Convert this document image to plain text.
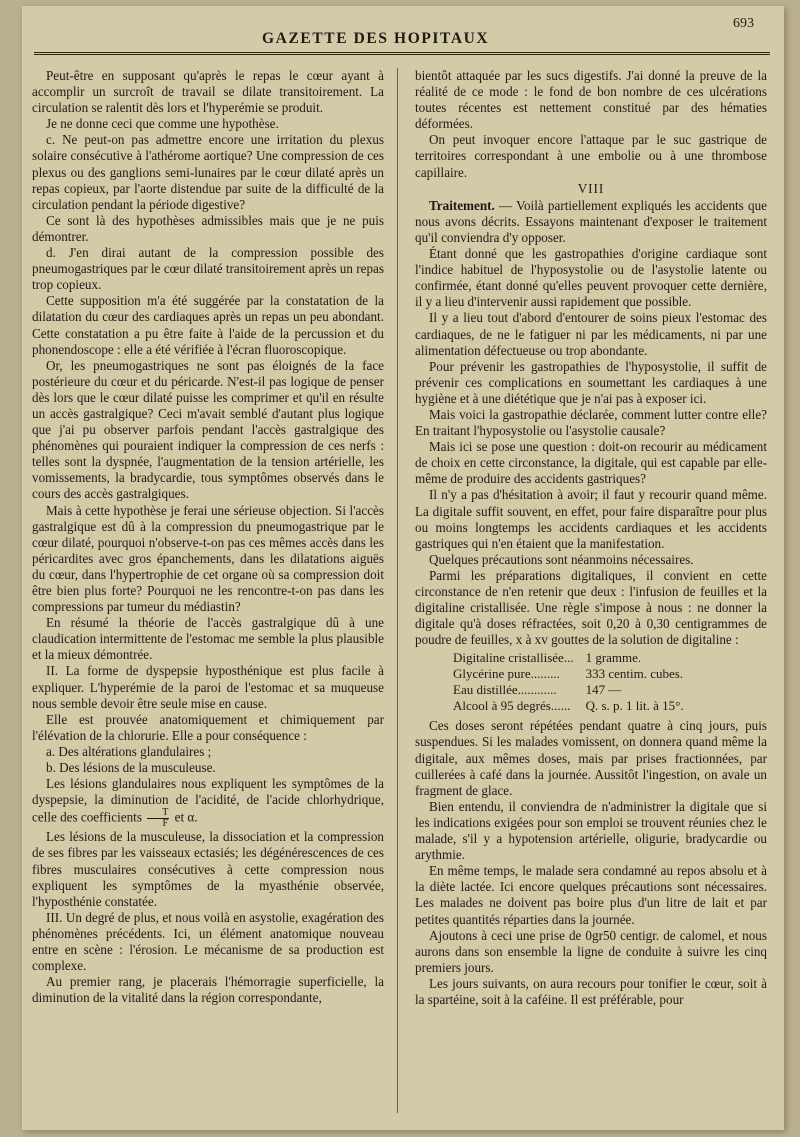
GAZETTE DES HOPITAUX
693

Peut-être en supposant qu'après le repas le cœur ayant à accomplir un surcroît de travail se dilate transitoirement. La circulation se ralentit dès lors et l'hyperémie se produit.

Je ne donne ceci que comme une hypothèse.

c. Ne peut-on pas admettre encore une irritation du plexus solaire consécutive à l'athérome aortique? Une compression de ces plexus ou des ganglions semi-lunaires par le cœur dilaté après un repas copieux, par l'aorte distendue par suite de la difficulté de la circulation pendant la période digestive?

Ce sont là des hypothèses admissibles mais que je ne puis démontrer.

d. J'en dirai autant de la compression possible des pneumogastriques par le cœur dilaté transitoirement après un repas trop copieux.

Cette supposition m'a été suggérée par la constatation de la dilatation du cœur des cardiaques après un repas un peu abondant. Cette constatation a pu être faite à l'aide de la percussion et du phonendoscope : elle a été vérifiée à l'écran fluoroscopique.

Or, les pneumogastriques ne sont pas éloignés de la face postérieure du cœur et du péricarde. N'est-il pas logique de penser dès lors que le cœur dilaté puisse les comprimer et qu'il en résulte un accès gastralgique? Ceci m'avait semblé d'autant plus logique que j'ai pu observer parfois pendant l'accès gastralgique des phénomènes qui pouraient indiquer la compression de ces nerfs : telles sont la dyspnée, l'augmentation de la tension artérielle, les vomissements, la bradycardie, tous symptômes observés dans le cours des accès gastralgiques.

Mais à cette hypothèse je ferai une sérieuse objection. Si l'accès gastralgique est dû à la compression du pneumogastrique par le cœur dilaté, pourquoi n'observe-t-on pas ces mêmes accès dans les péricardites avec gros épanchements, dans les dilatations aiguës du cœur, dans l'hypertrophie de cet organe où sa compression doit être bien plus forte? Pourquoi ne les rencontre-t-on pas dans les compressions par tumeur du médiastin?

En résumé la théorie de l'accès gastralgique dû à une claudication intermittente de l'estomac me semble la plus plausible et la mieux démontrée.

II. La forme de dyspepsie hyposthénique est plus facile à expliquer. L'hyperémie de la paroi de l'estomac et sa muqueuse nous semble devoir être seule mise en cause.

Elle est prouvée anatomiquement et chimiquement par l'élévation de la chlorurie. Elle a pour conséquence :

a. Des altérations glandulaires ;

b. Des lésions de la musculeuse.

Les lésions glandulaires nous expliquent les symptômes de la dyspepsie, la diminution de l'acidité, de l'acide chlorhydrique, celle des coefficients $\frac{T}{F}$ et α.

Les lésions de la musculeuse, la dissociation et la compression de ses fibres par les vaisseaux ectasiés; les dégénérescences de ces fibres musculaires consécutives à cette compression nous expliquent les symptômes de la myasthénie observée, l'hyposthénie constatée.

III. Un degré de plus, et nous voilà en asystolie, exagération des phénomènes précédents. Ici, un élément anatomique nouveau entre en scène : l'érosion. Le mécanisme de sa production est complexe.

Au premier rang, je placerais l'hémorragie superficielle, la diminution de la vitalité dans la région correspondante,

bientôt attaquée par les sucs digestifs. J'ai donné la preuve de la réalité de ce mode : le fond de bon nombre de ces ulcérations toutes récentes est nettement constitué par des hématies déformées.

On peut invoquer encore l'attaque par le suc gastrique de territoires correspondant à une embolie ou à une thrombose capillaire.

VIII

Traitement. — Voilà partiellement expliqués les accidents que nous avons décrits. Essayons maintenant d'exposer le traitement qu'il conviendra d'y opposer.

Étant donné que les gastropathies d'origine cardiaque sont l'indice habituel de l'hyposystolie ou de l'asystolie latente ou confirmée, étant donné qu'elles peuvent provoquer cette dernière, il y a lieu d'intervenir aussi rapidement que possible.

Il y a lieu tout d'abord d'entourer de soins pieux l'estomac des cardiaques, de ne le fatiguer ni par les médicaments, ni par une alimentation défectueuse ou trop abondante.

Pour prévenir les gastropathies de l'hyposystolie, il suffit de prévenir ces complications en soumettant les cardiaques à une hygiène et à une diététique que je n'ai pas à exposer ici.

Mais voici la gastropathie déclarée, comment lutter contre elle? En traitant l'hyposystolie ou l'asystolie causale?

Mais ici se pose une question : doit-on recourir au médicament de choix en cette circonstance, la digitale, qui est capable par elle-même de produire des accidents gastriques?

Il n'y a pas d'hésitation à avoir; il faut y recourir quand même. La digitale suffit souvent, en effet, pour faire disparaître pour plus ou moins longtemps les accidents cardiaques et les accidents gastriques qui n'en étaient que la manifestation.

Quelques précautions sont néanmoins nécessaires.

Parmi les préparations digitaliques, il convient en cette circonstance de n'en retenir que deux : l'infusion de feuilles et la digitaline cristallisée. Une règle s'impose à nous : ne donner la digitale qu'à doses réfractées, soit 0,20 à 0,30 centigrammes de poudre de feuilles, x à xv gouttes de la solution de digitaline :

Digitaline cristallisée...	1 gramme.
Glycérine pure.........	333 centim. cubes.
Eau distillée............	147 —
Alcool à 95 degrés......	Q. s. p. 1 lit. à 15°.

Ces doses seront répétées pendant quatre à cinq jours, puis suspendues. Si les malades vomissent, on donnera quand même la digitale, aux mêmes doses, mais par prises fractionnées, par cuillerées à café dans la journée. Aussitôt l'ingestion, on avale un fragment de glace.

Bien entendu, il conviendra de n'administrer la digitale que si les indications exigées pour son emploi se trouvent réunies chez le malade, s'il y a hypotension artérielle, oligurie, bradycardie ou arythmie.

En même temps, le malade sera condamné au repos absolu et à la diète lactée. Ici encore quelques précautions sont nécessaires. Les malades ne doivent pas boire plus d'un litre de lait et par petites quantités réparties dans la journée.

Ajoutons à ceci une prise de 0gr50 centigr. de calomel, et nous aurons dans son ensemble la ligne de conduite à suivre les cinq premiers jours.

Les jours suivants, on aura recours pour tonifier le cœur, soit à la spartéine, soit à la caféine. Il est préférable, pour
